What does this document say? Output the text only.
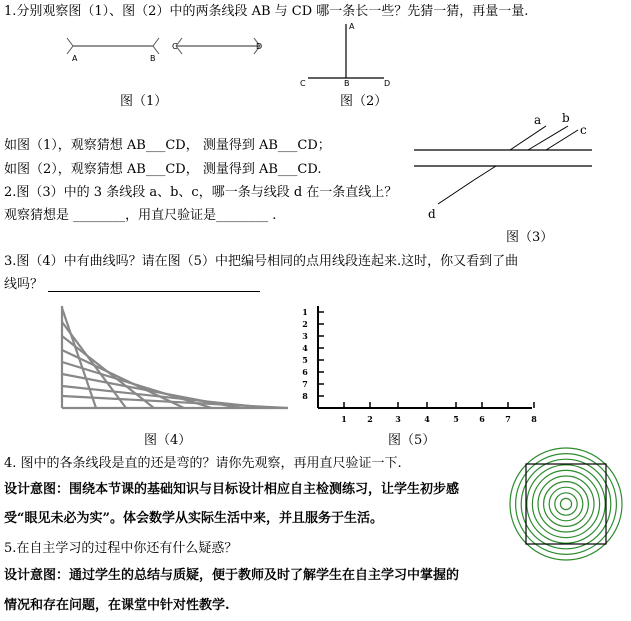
1.分别观察图（1）、图（2）中的两条线段 AB 与 CD 哪一条长一些？先猜一猜，再量一量.
A	B
C	D
图（1）
A
B
C	D
图（2）
如图（1），观察猜想 AB___CD， 测量得到 AB___CD；
如图（2），观察猜想 AB___CD， 测量得到 AB___CD.
2.图（3）中的 3 条线段 a、b、c，哪一条与线段 d 在一条直线上？
观察猜想是 ________，用直尺验证是________ .
a b
c
d
图（3）
3.图（4）中有曲线吗？请在图（5）中把编号相同的点用线段连起来.这时，你又看到了曲
线吗？
图（4）
1
2
3
4
5
6
7
8
1	2	3	4	5	6	7	8
图（5）
4. 图中的各条线段是直的还是弯的？请你先观察，再用直尺验证一下.
设计意图：围绕本节课的基础知识与目标设计相应自主检测练习，让学生初步感
受“眼见未必为实”。体会数学从实际生活中来，并且服务于生活。
5.在自主学习的过程中你还有什么疑惑？
设计意图：通过学生的总结与质疑，便于教师及时了解学生在自主学习中掌握的
情况和存在问题，在课堂中针对性教学.
